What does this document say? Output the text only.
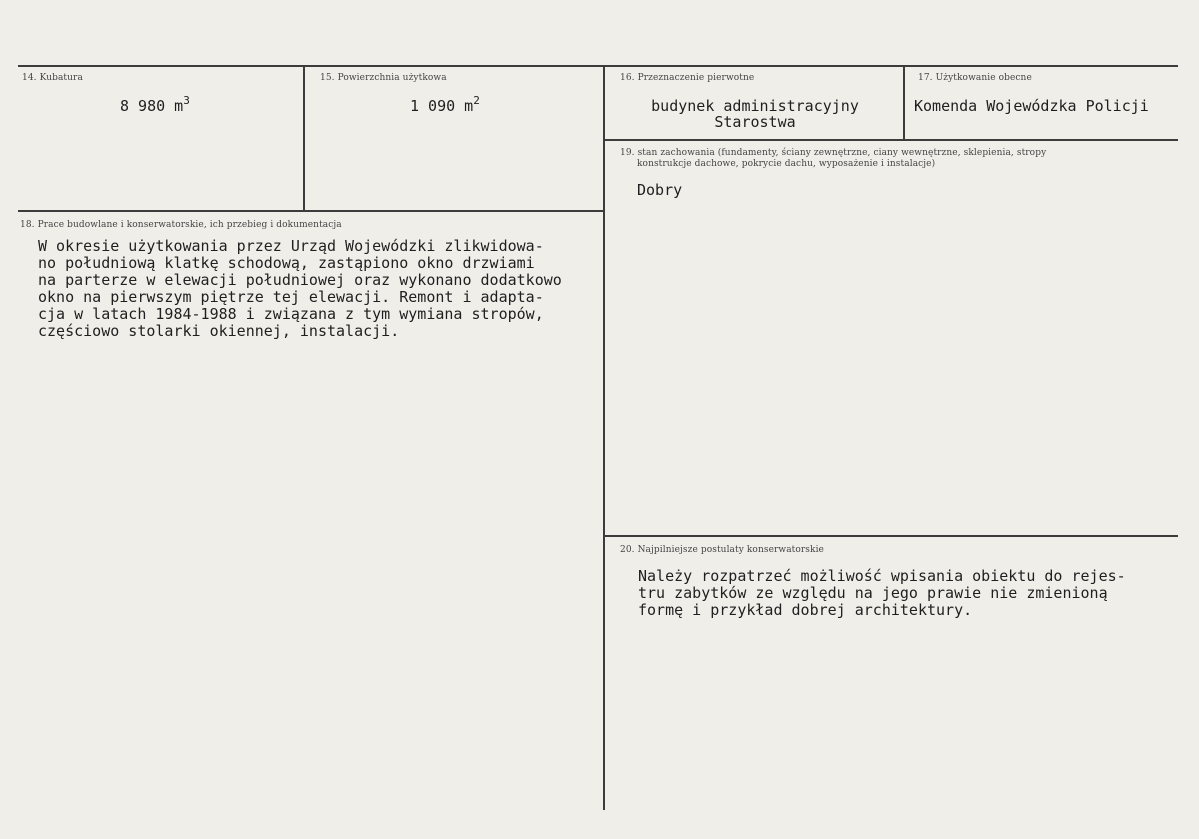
14. Kubatura
8 980 $m^3$
15. Powierzchnia użytkowa
1 090 $m^2$
16. Przeznaczenie pierwotne
budynek administracyjny
Starostwa
17. Użytkowanie obecne
Komenda Wojewódzka Policji
18. Prace budowlane i konserwatorskie, ich przebieg i dokumentacja
W okresie użytkowania przez Urząd Wojewódzki zlikwidowa-
no południową klatkę schodową, zastąpiono okno drzwiami
na parterze w elewacji południowej oraz wykonano dodatkowo
okno na pierwszym piętrze tej elewacji. Remont i adapta-
cja w latach 1984-1988 i związana z tym wymiana stropów,
częściowo stolarki okiennej, instalacji.
19. stan zachowania (fundamenty, ściany zewnętrzne, ciany wewnętrzne, sklepienia, stropy
konstrukcje dachowe, pokrycie dachu, wyposażenie i instalacje)
Dobry
20. Najpilniejsze postulaty konserwatorskie
Należy rozpatrzeć możliwość wpisania obiektu do rejes-
tru zabytków ze względu na jego prawie nie zmienioną
formę i przykład dobrej architektury.
